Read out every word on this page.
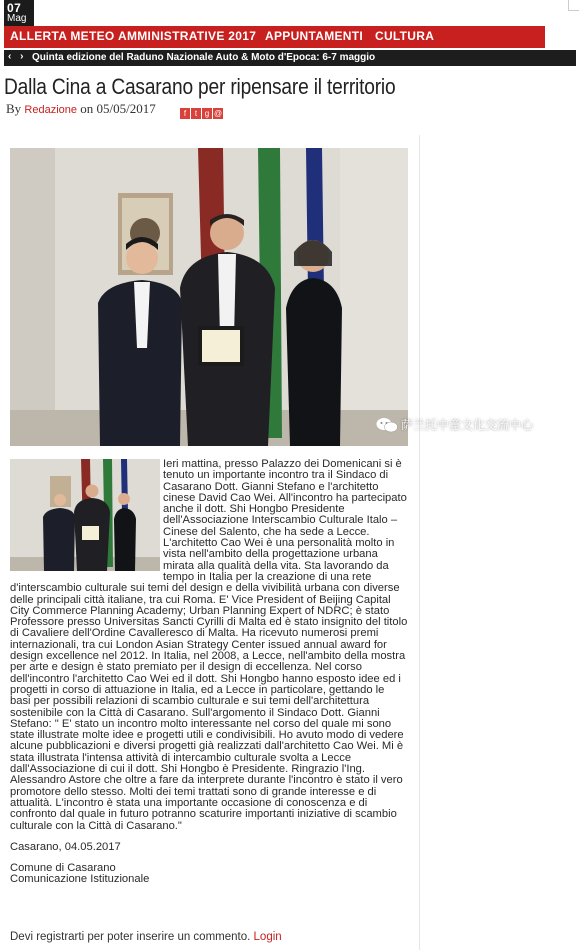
07
Mag
ALLERTA METEO AMMINISTRATIVE 2017 APPUNTAMENTI CULTURA
‹ › Quinta edizione del Raduno Nazionale Auto & Moto d'Epoca: 6-7 maggio
Dalla Cina a Casarano per ripensare il territorio
By Redazione on 05/05/2017	f t g @
萨兰托中意文化交流中心

Ieri mattina, presso Palazzo dei Domenicani si è tenuto un importante incontro tra il Sindaco di Casarano Dott. Gianni Stefano e l'architetto cinese David Cao Wei. All'incontro ha partecipato anche il dott. Shi Hongbo Presidente dell'Associazione Interscambio Culturale Italo – Cinese del Salento, che ha sede a Lecce. L'architetto Cao Wei è una personalità molto in vista nell'ambito della progettazione urbana mirata alla qualità della vita. Sta lavorando da tempo in Italia per la creazione di una rete d'interscambio culturale sui temi del design e della vivibilità urbana con diverse delle principali città italiane, tra cui Roma. E' Vice President of Beijing Capital City Commerce Planning Academy; Urban Planning Expert of NDRC; è stato Professore presso Universitas Sancti Cyrilli di Malta ed è stato insignito del titolo di Cavaliere dell'Ordine Cavalleresco di Malta. Ha ricevuto numerosi premi internazionali, tra cui London Asian Strategy Center issued annual award for design excellence nel 2012. In Italia, nel 2008, a Lecce, nell'ambito della mostra per arte e design è stato premiato per il design di eccellenza. Nel corso dell'incontro l'architetto Cao Wei ed il dott. Shi Hongbo hanno esposto idee ed i progetti in corso di attuazione in Italia, ed a Lecce in particolare, gettando le basi per possibili relazioni di scambio culturale e sui temi dell'architettura sostenibile con la Città di Casarano. Sull'argomento il Sindaco Dott. Gianni Stefano: " E' stato un incontro molto interessante nel corso del quale mi sono state illustrate molte idee e progetti utili e condivisibili. Ho avuto modo di vedere alcune pubblicazioni e diversi progetti già realizzati dall'architetto Cao Wei. Mi è stata illustrata l'intensa attività di intercambio culturale svolta a Lecce dall'Associazione di cui il dott. Shi Hongbo è Presidente. Ringrazio l'Ing. Alessandro Astore che oltre a fare da interprete durante l'incontro è stato il vero promotore dello stesso. Molti dei temi trattati sono di grande interesse e di attualità. L'incontro è stata una importante occasione di conoscenza e di confronto dal quale in futuro potranno scaturire importanti iniziative di scambio culturale con la Città di Casarano."

Casarano, 04.05.2017

Comune di Casarano

Comunicazione Istituzionale

Devi registrarti per poter inserire un commento. Login
